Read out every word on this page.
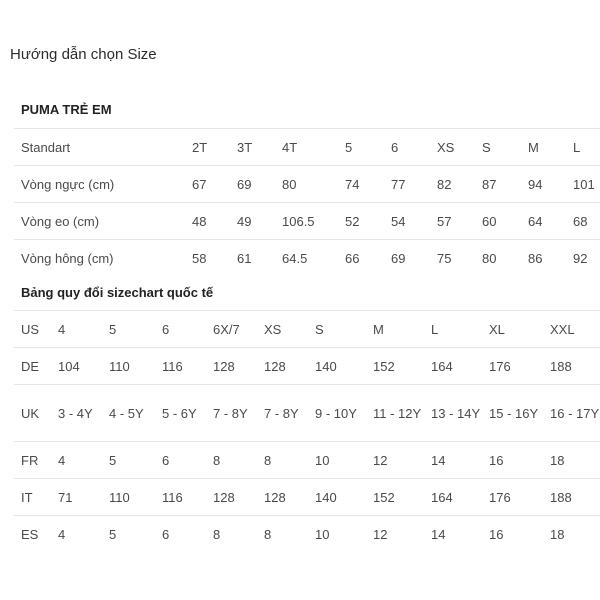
Hướng dẫn chọn Size
PUMA TRẺ EM
Standart	2T	3T	4T	5	6	XS	S	M	L
Vòng ngực (cm)	67	69	80	74	77	82	87	94	101
Vòng eo (cm)	48	49	106.5	52	54	57	60	64	68
Vòng hông (cm)	58	61	64.5	66	69	75	80	86	92
Bảng quy đổi sizechart quốc tế
US	4	5	6	6X/7	XS	S	M	L	XL	XXL
DE	104	110	116	128	128	140	152	164	176	188
UK	3 - 4Y	4 - 5Y	5 - 6Y	7 - 8Y	7 - 8Y	9 - 10Y	11 - 12Y	13 - 14Y	15 - 16Y	16 - 17Y
FR	4	5	6	8	8	10	12	14	16	18
IT	71	110	116	128	128	140	152	164	176	188
ES	4	5	6	8	8	10	12	14	16	18
